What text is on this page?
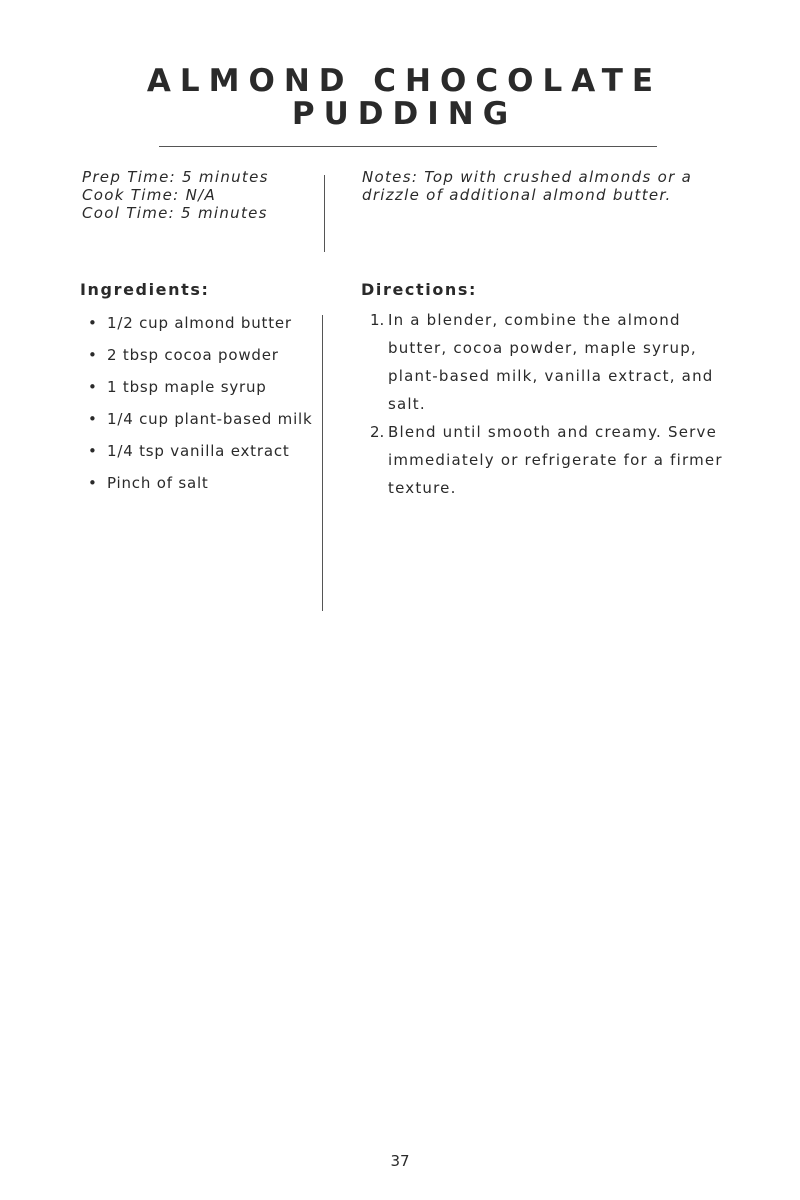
ALMOND CHOCOLATE
PUDDING
Prep Time: 5 minutes
Cook Time: N/A
Cool Time: 5 minutes
Notes: Top with crushed almonds or a drizzle of additional almond butter.
Ingredients:
• 1/2 cup almond butter
• 2 tbsp cocoa powder
• 1 tbsp maple syrup
• 1/4 cup plant-based milk
• 1/4 tsp vanilla extract
• Pinch of salt
Directions:
1. In a blender, combine the almond butter, cocoa powder, maple syrup, plant-based milk, vanilla extract, and salt.
2. Blend until smooth and creamy. Serve immediately or refrigerate for a firmer texture.
37
